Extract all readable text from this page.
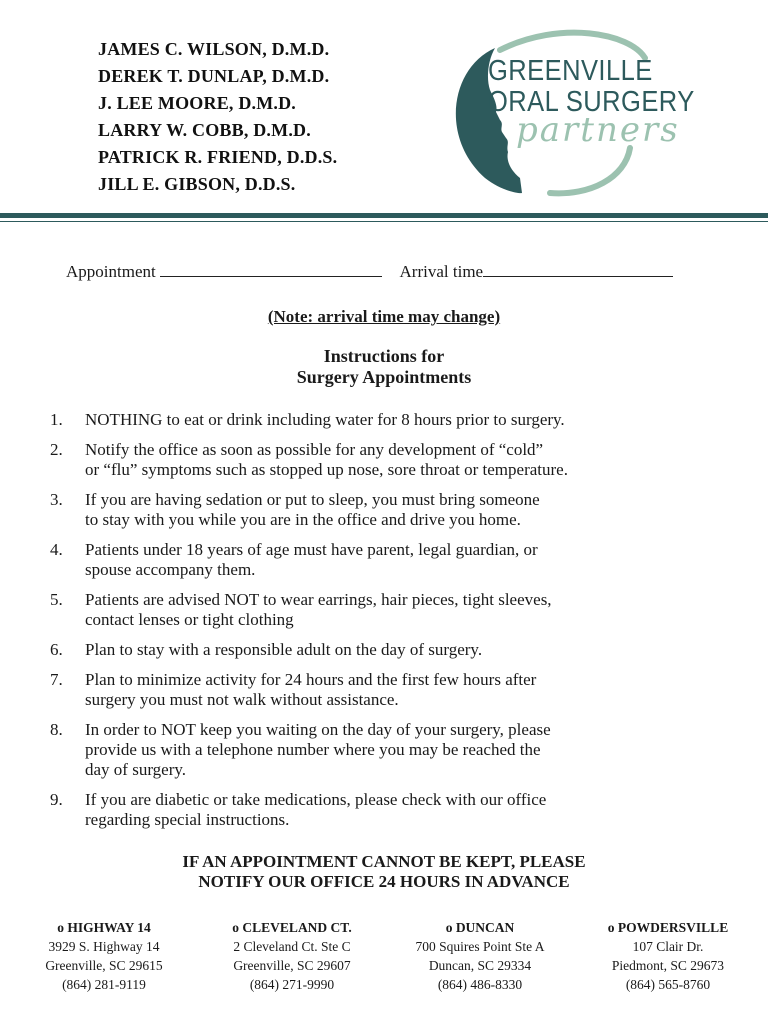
JAMES C. WILSON, D.M.D.
DEREK T. DUNLAP, D.M.D.
J. LEE MOORE, D.M.D.
LARRY W. COBB, D.M.D.
PATRICK R. FRIEND, D.D.S.
JILL E. GIBSON, D.D.S.
GREENVILLE
ORAL SURGERY
partners
Appointment	Arrival time
(Note: arrival time may change)
Instructions for
Surgery Appointments
1.	NOTHING to eat or drink including water for 8 hours prior to surgery.
2.	Notify the office as soon as possible for any development of “cold”
or “flu” symptoms such as stopped up nose, sore throat or temperature.
3.	If you are having sedation or put to sleep, you must bring someone
to stay with you while you are in the office and drive you home.
4.	Patients under 18 years of age must have parent, legal guardian, or
spouse accompany them.
5.	Patients are advised NOT to wear earrings, hair pieces, tight sleeves,
contact lenses or tight clothing
6.	Plan to stay with a responsible adult on the day of surgery.
7.	Plan to minimize activity for 24 hours and the first few hours after
surgery you must not walk without assistance.
8.	In order to NOT keep you waiting on the day of your surgery, please
provide us with a telephone number where you may be reached the
day of surgery.
9.	If you are diabetic or take medications, please check with our office
regarding special instructions.
IF AN APPOINTMENT CANNOT BE KEPT, PLEASE
NOTIFY OUR OFFICE 24 HOURS IN ADVANCE
o HIGHWAY 14
3929 S. Highway 14
Greenville, SC 29615
(864) 281-9119
o CLEVELAND CT.
2 Cleveland Ct. Ste C
Greenville, SC 29607
(864) 271-9990
o DUNCAN
700 Squires Point Ste A
Duncan, SC 29334
(864) 486-8330
o POWDERSVILLE
107 Clair Dr.
Piedmont, SC 29673
(864) 565-8760
